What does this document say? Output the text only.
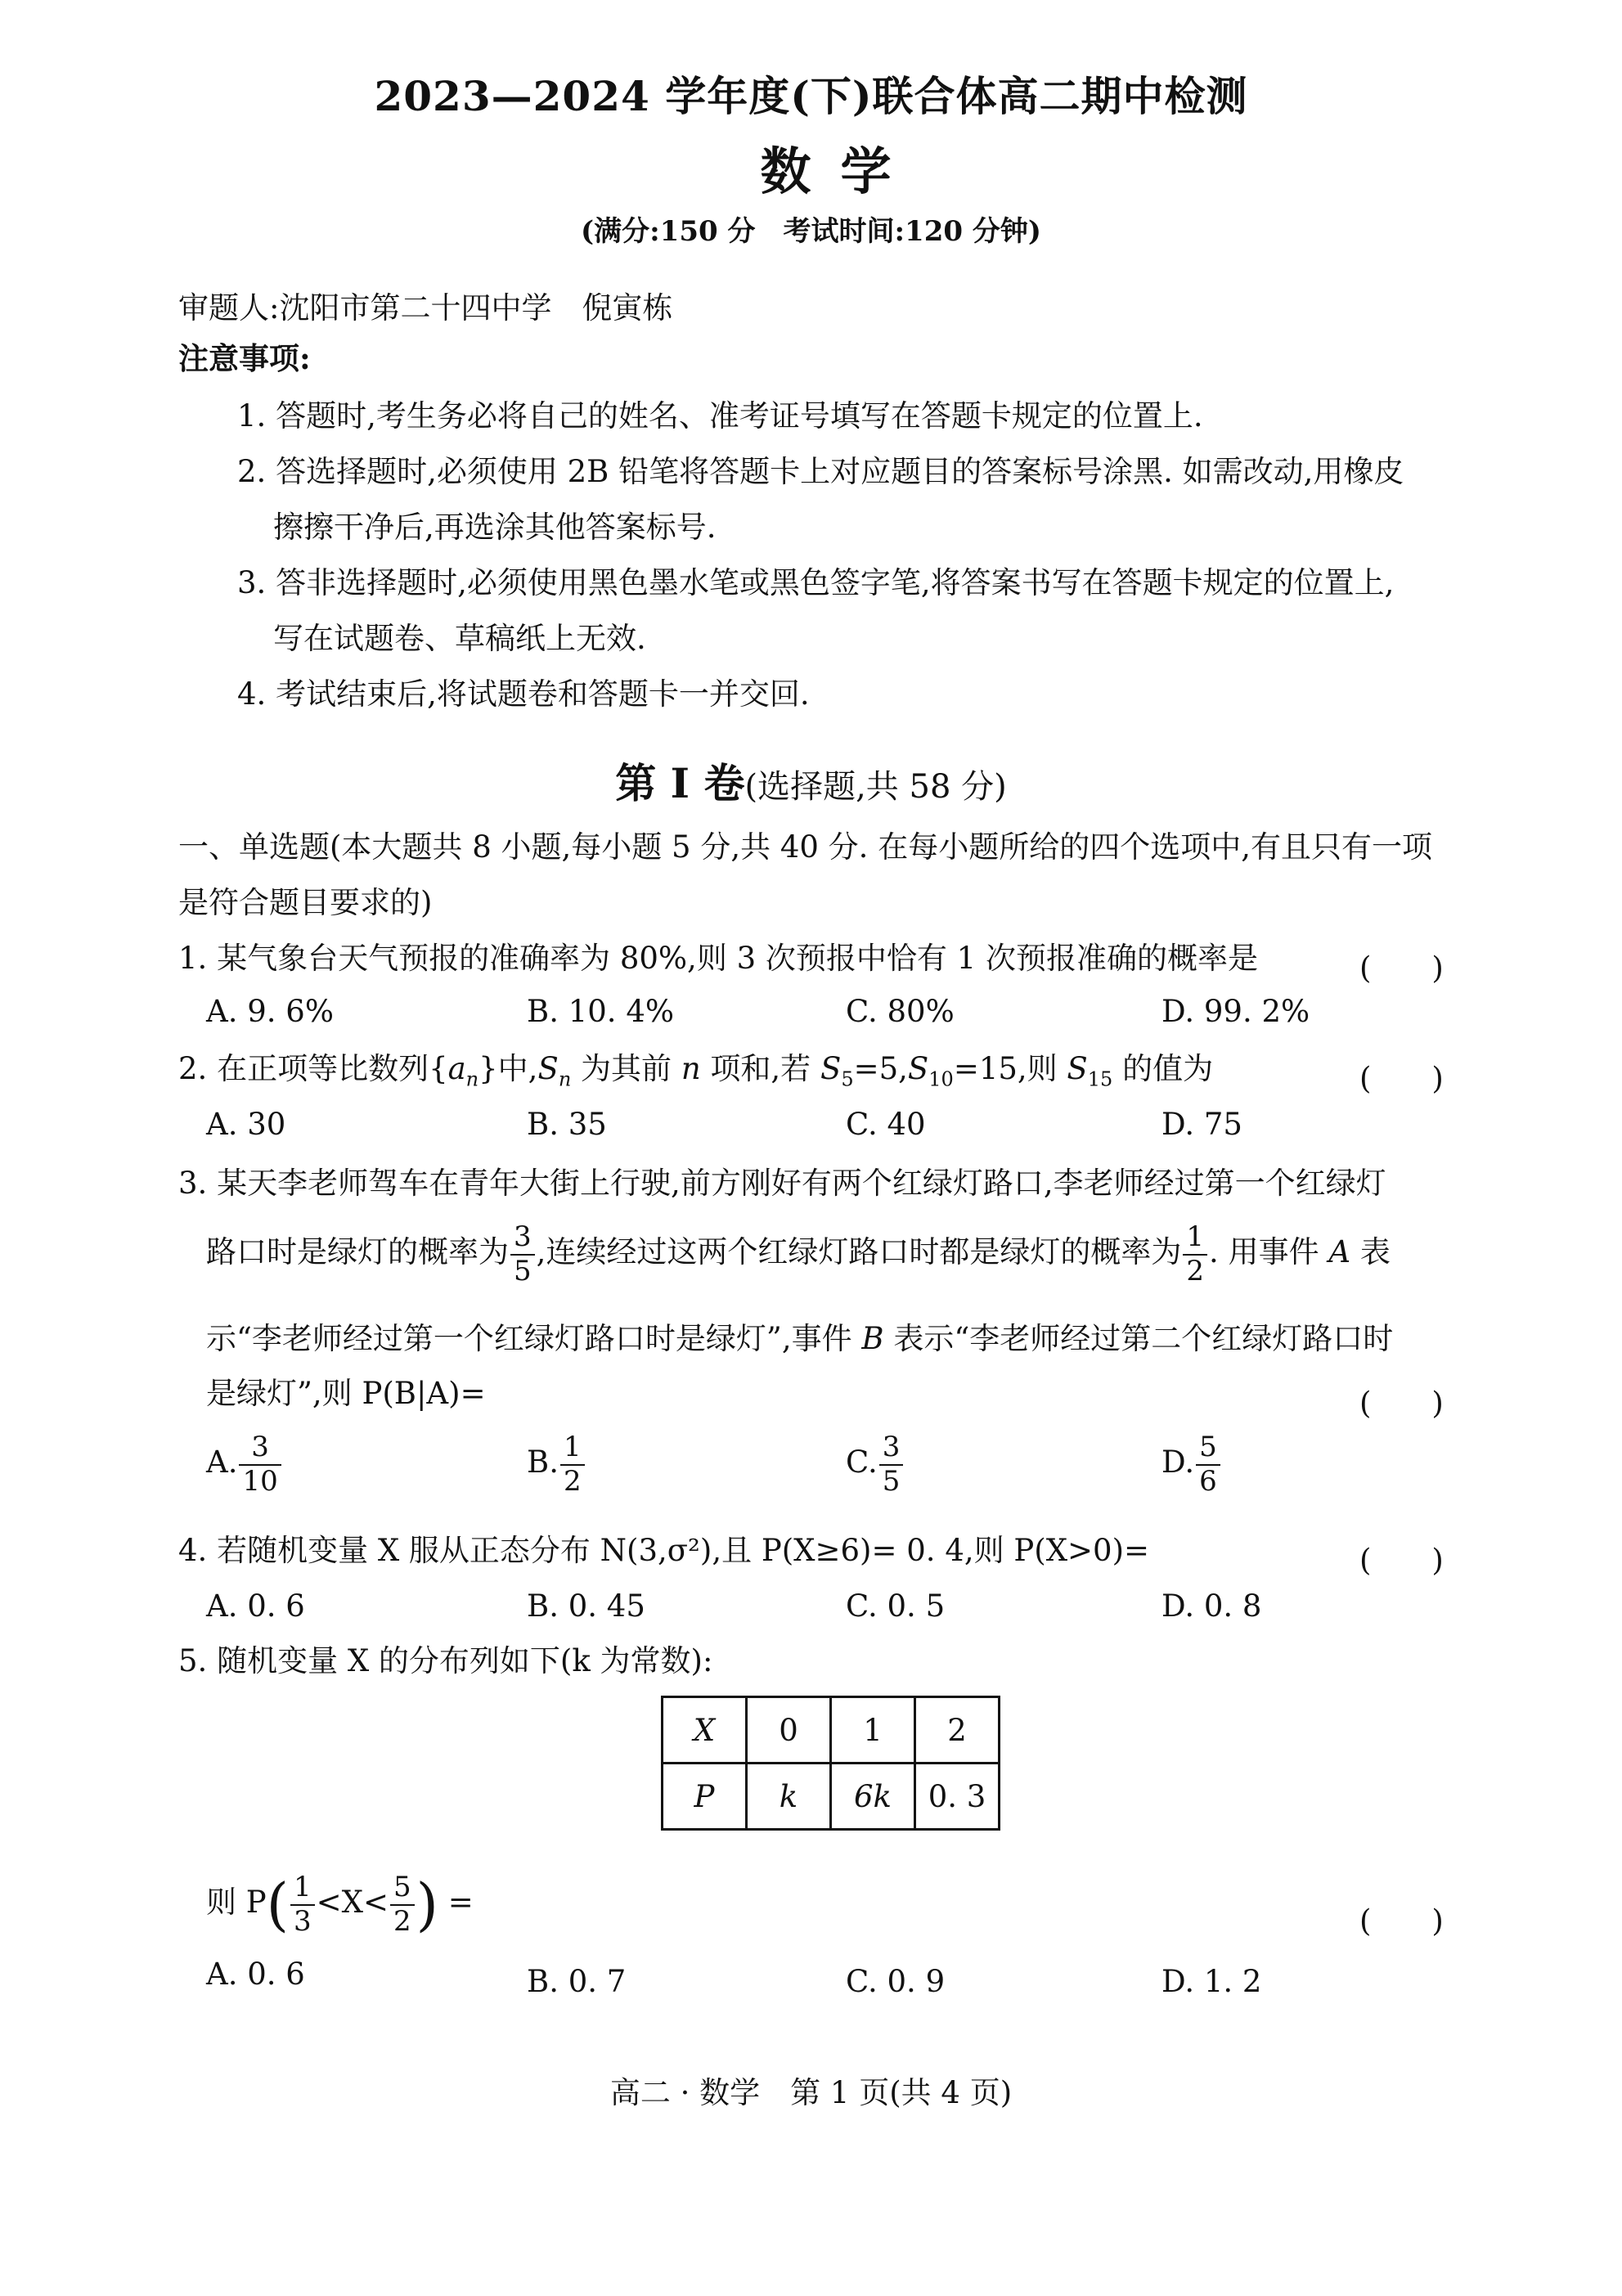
2023—2024 学年度(下)联合体高二期中检测
数学
(满分:150 分　考试时间:120 分钟)
审题人:沈阳市第二十四中学　倪寅栋
注意事项:
1. 答题时,考生务必将自己的姓名、准考证号填写在答题卡规定的位置上.
2. 答选择题时,必须使用 2B 铅笔将答题卡上对应题目的答案标号涂黑. 如需改动,用橡皮
擦擦干净后,再选涂其他答案标号.
3. 答非选择题时,必须使用黑色墨水笔或黑色签字笔,将答案书写在答题卡规定的位置上,
写在试题卷、草稿纸上无效.
4. 考试结束后,将试题卷和答题卡一并交回.
第 Ⅰ 卷(选择题,共 58 分)
一、单选题(本大题共 8 小题,每小题 5 分,共 40 分. 在每小题所给的四个选项中,有且只有一项
是符合题目要求的)
1. 某气象台天气预报的准确率为 80%,则 3 次预报中恰有 1 次预报准确的概率是	(　　)
A. 9. 6%	B. 10. 4%	C. 80%	D. 99. 2%
2. 在正项等比数列$\{a_n\}$中$,S_n$ 为其前 n 项和,若 $S_5=5,S_{10}=15$,则 $S_{15}$ 的值为	(　　)
A. 30	B. 35	C. 40	D. 75
3. 某天李老师驾车在青年大街上行驶,前方刚好有两个红绿灯路口,李老师经过第一个红绿灯
路口时是绿灯的概率为 $\frac{3}{5}$ ,连续经过这两个红绿灯路口时都是绿灯的概率为 $\frac{1}{2}$ . 用事件 A 表
示“李老师经过第一个红绿灯路口时是绿灯”,事件 B 表示“李老师经过第二个红绿灯路口时
是绿灯”,则 P(B|A)=	(　　)
A. $\frac{3}{10}$	B. $\frac{1}{2}$	C. $\frac{3}{5}$	D. $\frac{5}{6}$
4. 若随机变量 X 服从正态分布 N(3,σ²),且 P(X≥6)= 0. 4,则 P(X>0)=	(　　)
A. 0. 6	B. 0. 45	C. 0. 5	D. 0. 8
5. 随机变量 X 的分布列如下(k 为常数):
X	0	1	2
P	k	6k	0. 3
则 $P( \frac{1}{3} <X< \frac{5}{2}$ ) =
(　　)
A. 0. 6	B. 0. 7	C. 0. 9	D. 1. 2
高二 · 数学　第 1 页(共 4 页)
